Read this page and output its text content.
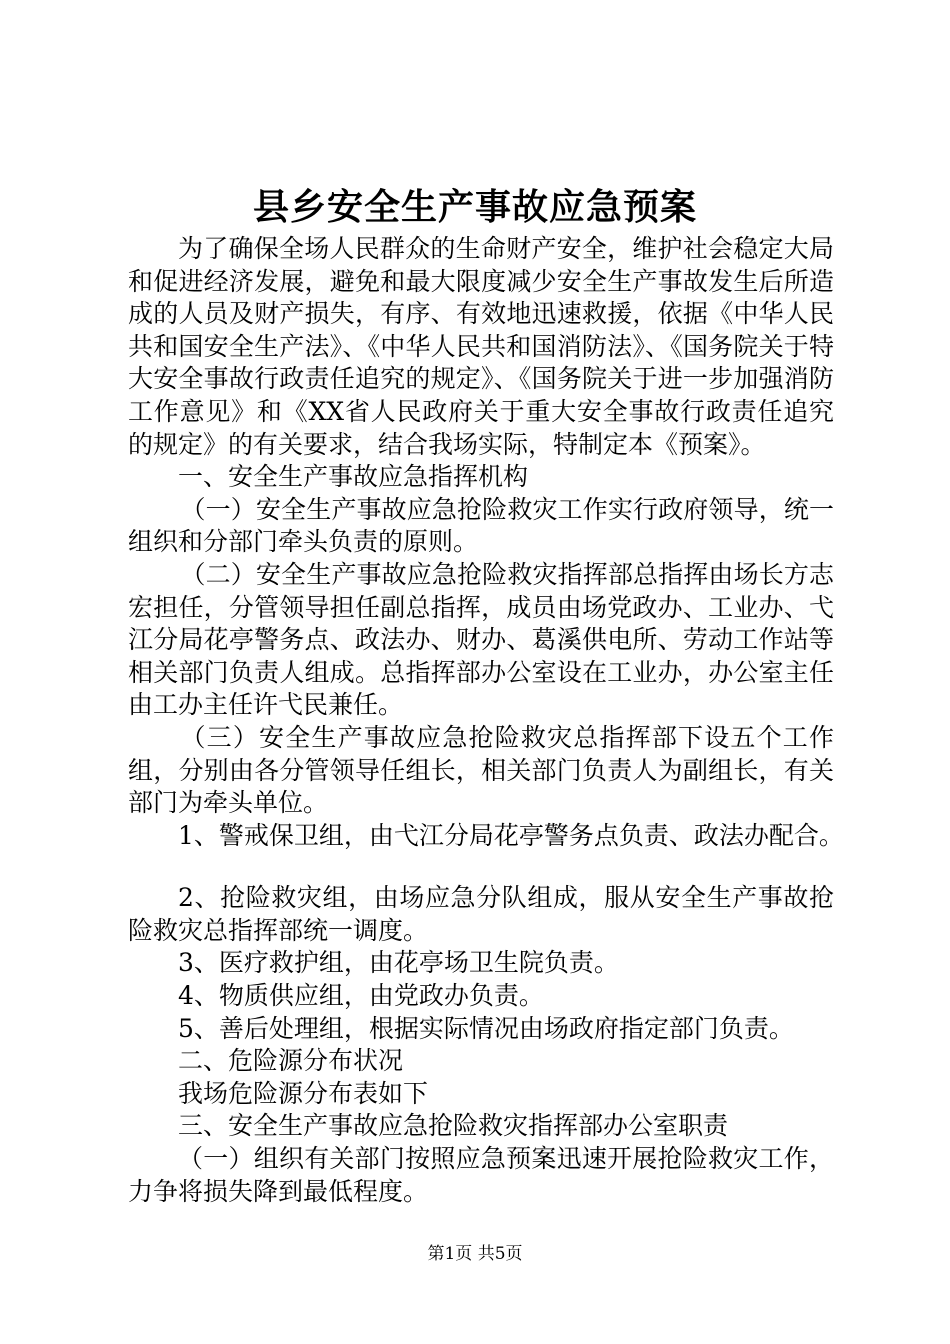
县乡安全生产事故应急预案

为了确保全场人民群众的生命财产安全，维护社会稳定大局和促进经济发展，避免和最大限度减少安全生产事故发生后所造成的人员及财产损失，有序、有效地迅速救援，依据《中华人民共和国安全生产法》、《中华人民共和国消防法》、《国务院关于特大安全事故行政责任追究的规定》、《国务院关于进一步加强消防工作意见》和《XX省人民政府关于重大安全事故行政责任追究的规定》的有关要求，结合我场实际，特制定本《预案》。

一、安全生产事故应急指挥机构

（一）安全生产事故应急抢险救灾工作实行政府领导，统一组织和分部门牵头负责的原则。

（二）安全生产事故应急抢险救灾指挥部总指挥由场长方志宏担任，分管领导担任副总指挥，成员由场党政办、工业办、弋江分局花亭警务点、政法办、财办、葛溪供电所、劳动工作站等相关部门负责人组成。总指挥部办公室设在工业办，办公室主任由工办主任许弋民兼任。

（三）安全生产事故应急抢险救灾总指挥部下设五个工作组，分别由各分管领导任组长，相关部门负责人为副组长，有关部门为牵头单位。

1、警戒保卫组，由弋江分局花亭警务点负责、政法办配合。

2、抢险救灾组，由场应急分队组成，服从安全生产事故抢险救灾总指挥部统一调度。

3、医疗救护组，由花亭场卫生院负责。

4、物质供应组，由党政办负责。

5、善后处理组，根据实际情况由场政府指定部门负责。

二、危险源分布状况

我场危险源分布表如下

三、安全生产事故应急抢险救灾指挥部办公室职责

（一）组织有关部门按照应急预案迅速开展抢险救灾工作，力争将损失降到最低程度。

第1页 共5页
